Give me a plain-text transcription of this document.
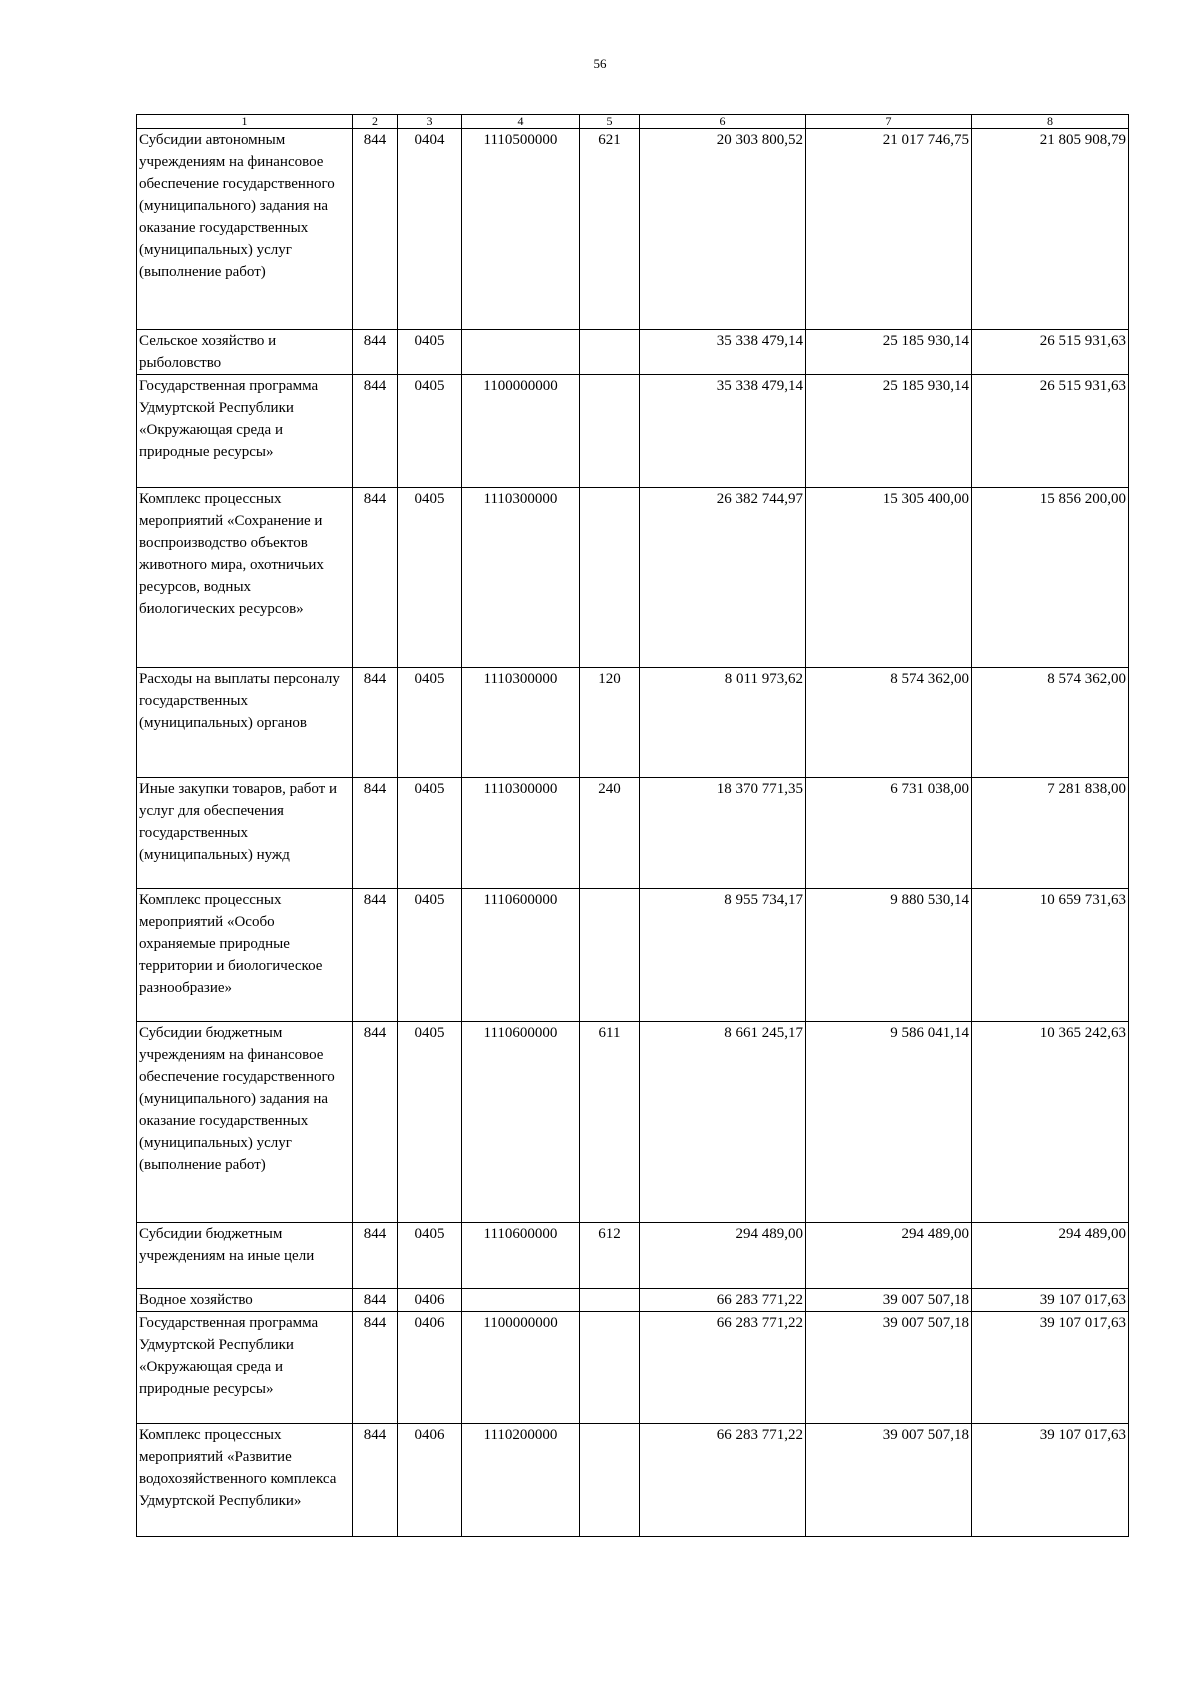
56
1	2	3	4	5	6	7	8
Субсидии автономным учреждениям на финансовое обеспечение государственного (муниципального) задания на оказание государственных (муниципальных) услуг (выполнение работ)	844	0404	1110500000	621	20 303 800,52	21 017 746,75	21 805 908,79
Сельское хозяйство и рыболовство	844	0405			35 338 479,14	25 185 930,14	26 515 931,63
Государственная программа Удмуртской Республики «Окружающая среда и природные ресурсы»	844	0405	1100000000		35 338 479,14	25 185 930,14	26 515 931,63
Комплекс процессных мероприятий «Сохранение и воспроизводство объектов животного мира, охотничьих ресурсов, водных биологических ресурсов»	844	0405	1110300000		26 382 744,97	15 305 400,00	15 856 200,00
Расходы на выплаты персоналу государственных (муниципальных) органов	844	0405	1110300000	120	8 011 973,62	8 574 362,00	8 574 362,00
Иные закупки товаров, работ и услуг для обеспечения государственных (муниципальных) нужд	844	0405	1110300000	240	18 370 771,35	6 731 038,00	7 281 838,00
Комплекс процессных мероприятий «Особо охраняемые природные территории и биологическое разнообразие»	844	0405	1110600000		8 955 734,17	9 880 530,14	10 659 731,63
Субсидии бюджетным учреждениям на финансовое обеспечение государственного (муниципального) задания на оказание государственных (муниципальных) услуг (выполнение работ)	844	0405	1110600000	611	8 661 245,17	9 586 041,14	10 365 242,63
Субсидии бюджетным учреждениям на иные цели	844	0405	1110600000	612	294 489,00	294 489,00	294 489,00
Водное хозяйство	844	0406			66 283 771,22	39 007 507,18	39 107 017,63
Государственная программа Удмуртской Республики «Окружающая среда и природные ресурсы»	844	0406	1100000000		66 283 771,22	39 007 507,18	39 107 017,63
Комплекс процессных мероприятий «Развитие водохозяйственного комплекса Удмуртской Республики»	844	0406	1110200000		66 283 771,22	39 007 507,18	39 107 017,63
